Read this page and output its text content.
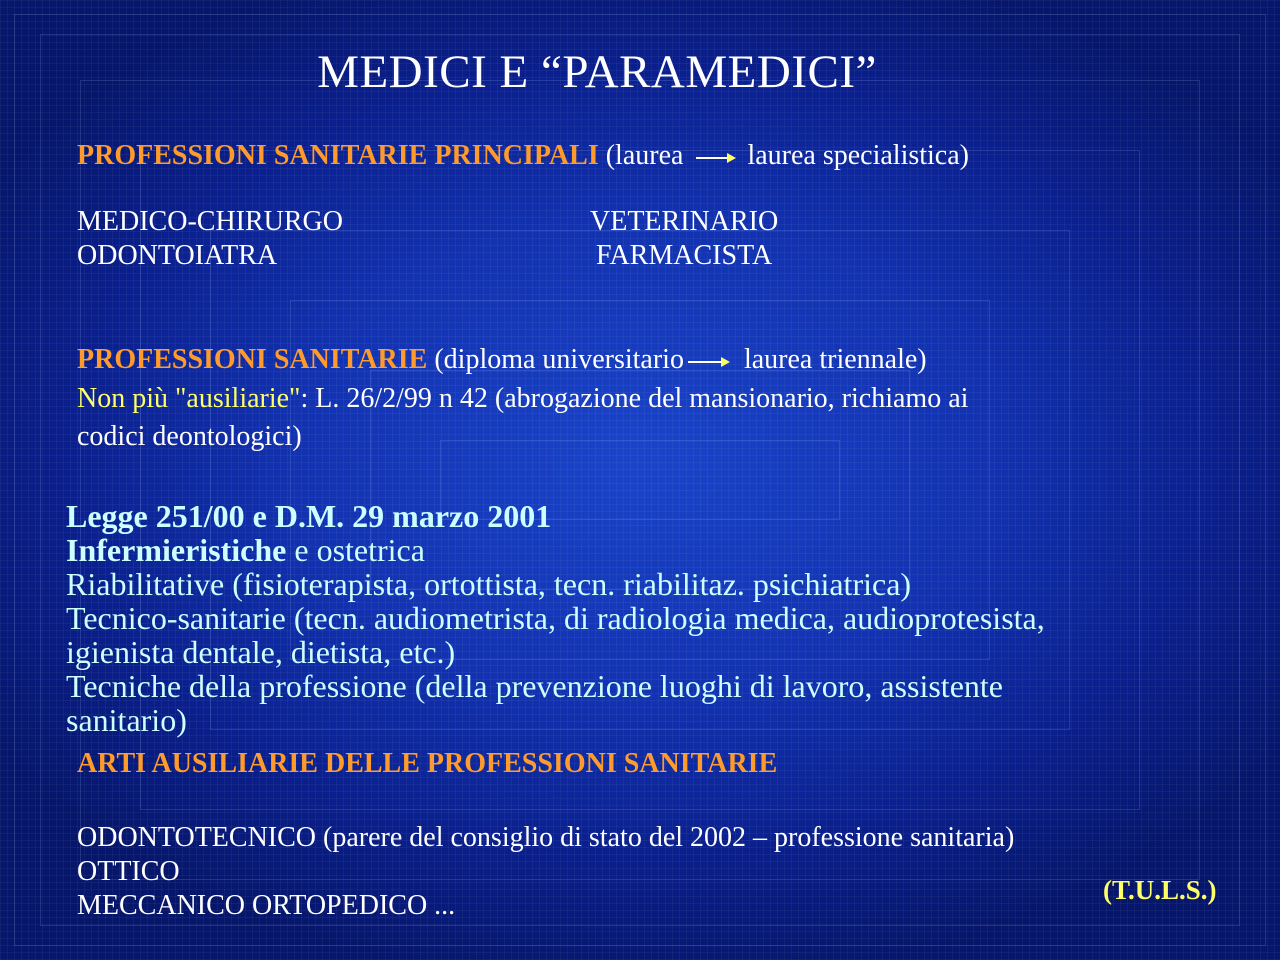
MEDICI E “PARAMEDICI”
PROFESSIONI SANITARIE PRINCIPALI (laurea laurea specialistica)
MEDICO-CHIRURGO
ODONTOIATRA
VETERINARIO
FARMACISTA
PROFESSIONI SANITARIE (diploma universitario laurea triennale)
Non più "ausiliarie": L. 26/2/99 n 42 (abrogazione del mansionario, richiamo ai
codici deontologici)
Legge 251/00 e D.M. 29 marzo 2001
Infermieristiche e ostetrica
Riabilitative (fisioterapista, ortottista, tecn. riabilitaz. psichiatrica)
Tecnico-sanitarie (tecn. audiometrista, di radiologia medica, audioprotesista,
igienista dentale, dietista, etc.)
Tecniche della professione (della prevenzione luoghi di lavoro, assistente
sanitario)
ARTI AUSILIARIE DELLE PROFESSIONI SANITARIE
ODONTOTECNICO (parere del consiglio di stato del 2002 – professione sanitaria)
OTTICO
MECCANICO ORTOPEDICO ...	(T.U.L.S.)
